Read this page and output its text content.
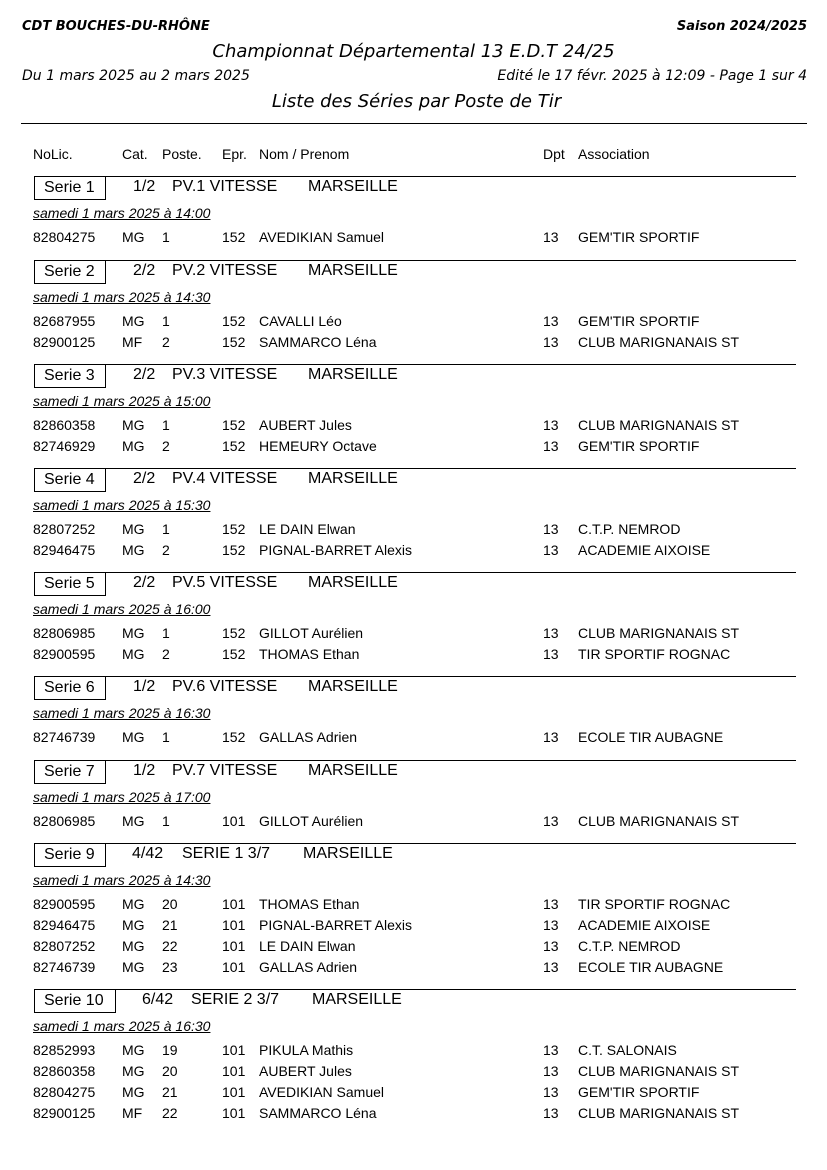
CDT BOUCHES-DU-RHÔNE	Saison 2024/2025
Championnat Départemental 13 E.D.T 24/25
Du 1 mars 2025 au 2 mars 2025	Edité le 17 févr. 2025 à 12:09 - Page 1 sur 4
Liste des Séries par Poste de Tir
NoLic.	Cat. Poste. Epr. Nom / Prenom	Dpt Association
Serie 1	1/2 PV.1 VITESSE MARSEILLE
samedi 1 mars 2025 à 14:00
82804275 MG 1	152 AVEDIKIAN Samuel	13 GEM'TIR SPORTIF
Serie 2	2/2 PV.2 VITESSE MARSEILLE
samedi 1 mars 2025 à 14:30
82687955 MG 1	152 CAVALLI Léo	13 GEM'TIR SPORTIF
82900125 MF 2	152 SAMMARCO Léna	13 CLUB MARIGNANAIS ST
Serie 3	2/2 PV.3 VITESSE MARSEILLE
samedi 1 mars 2025 à 15:00
82860358 MG 1	152 AUBERT Jules	13 CLUB MARIGNANAIS ST
82746929 MG 2	152 HEMEURY Octave	13 GEM'TIR SPORTIF
Serie 4	2/2 PV.4 VITESSE MARSEILLE
samedi 1 mars 2025 à 15:30
82807252 MG 1	152 LE DAIN Elwan	13 C.T.P. NEMROD
82946475 MG 2	152 PIGNAL-BARRET Alexis	13 ACADEMIE AIXOISE
Serie 5	2/2 PV.5 VITESSE MARSEILLE
samedi 1 mars 2025 à 16:00
82806985 MG 1	152 GILLOT Aurélien	13 CLUB MARIGNANAIS ST
82900595 MG 2	152 THOMAS Ethan	13 TIR SPORTIF ROGNAC
Serie 6	1/2 PV.6 VITESSE MARSEILLE
samedi 1 mars 2025 à 16:30
82746739 MG 1	152 GALLAS Adrien	13 ECOLE TIR AUBAGNE
Serie 7	1/2 PV.7 VITESSE MARSEILLE
samedi 1 mars 2025 à 17:00
82806985 MG 1	101 GILLOT Aurélien	13 CLUB MARIGNANAIS ST
Serie 9	4/42 SERIE 1 3/7 MARSEILLE
samedi 1 mars 2025 à 14:30
82900595 MG 20	101 THOMAS Ethan	13 TIR SPORTIF ROGNAC
82946475 MG 21	101 PIGNAL-BARRET Alexis	13 ACADEMIE AIXOISE
82807252 MG 22	101 LE DAIN Elwan	13 C.T.P. NEMROD
82746739 MG 23	101 GALLAS Adrien	13 ECOLE TIR AUBAGNE
Serie 10	6/42 SERIE 2 3/7 MARSEILLE
samedi 1 mars 2025 à 16:30
82852993 MG 19	101 PIKULA Mathis	13 C.T. SALONAIS
82860358 MG 20	101 AUBERT Jules	13 CLUB MARIGNANAIS ST
82804275 MG 21	101 AVEDIKIAN Samuel	13 GEM'TIR SPORTIF
82900125 MF 22	101 SAMMARCO Léna	13 CLUB MARIGNANAIS ST
